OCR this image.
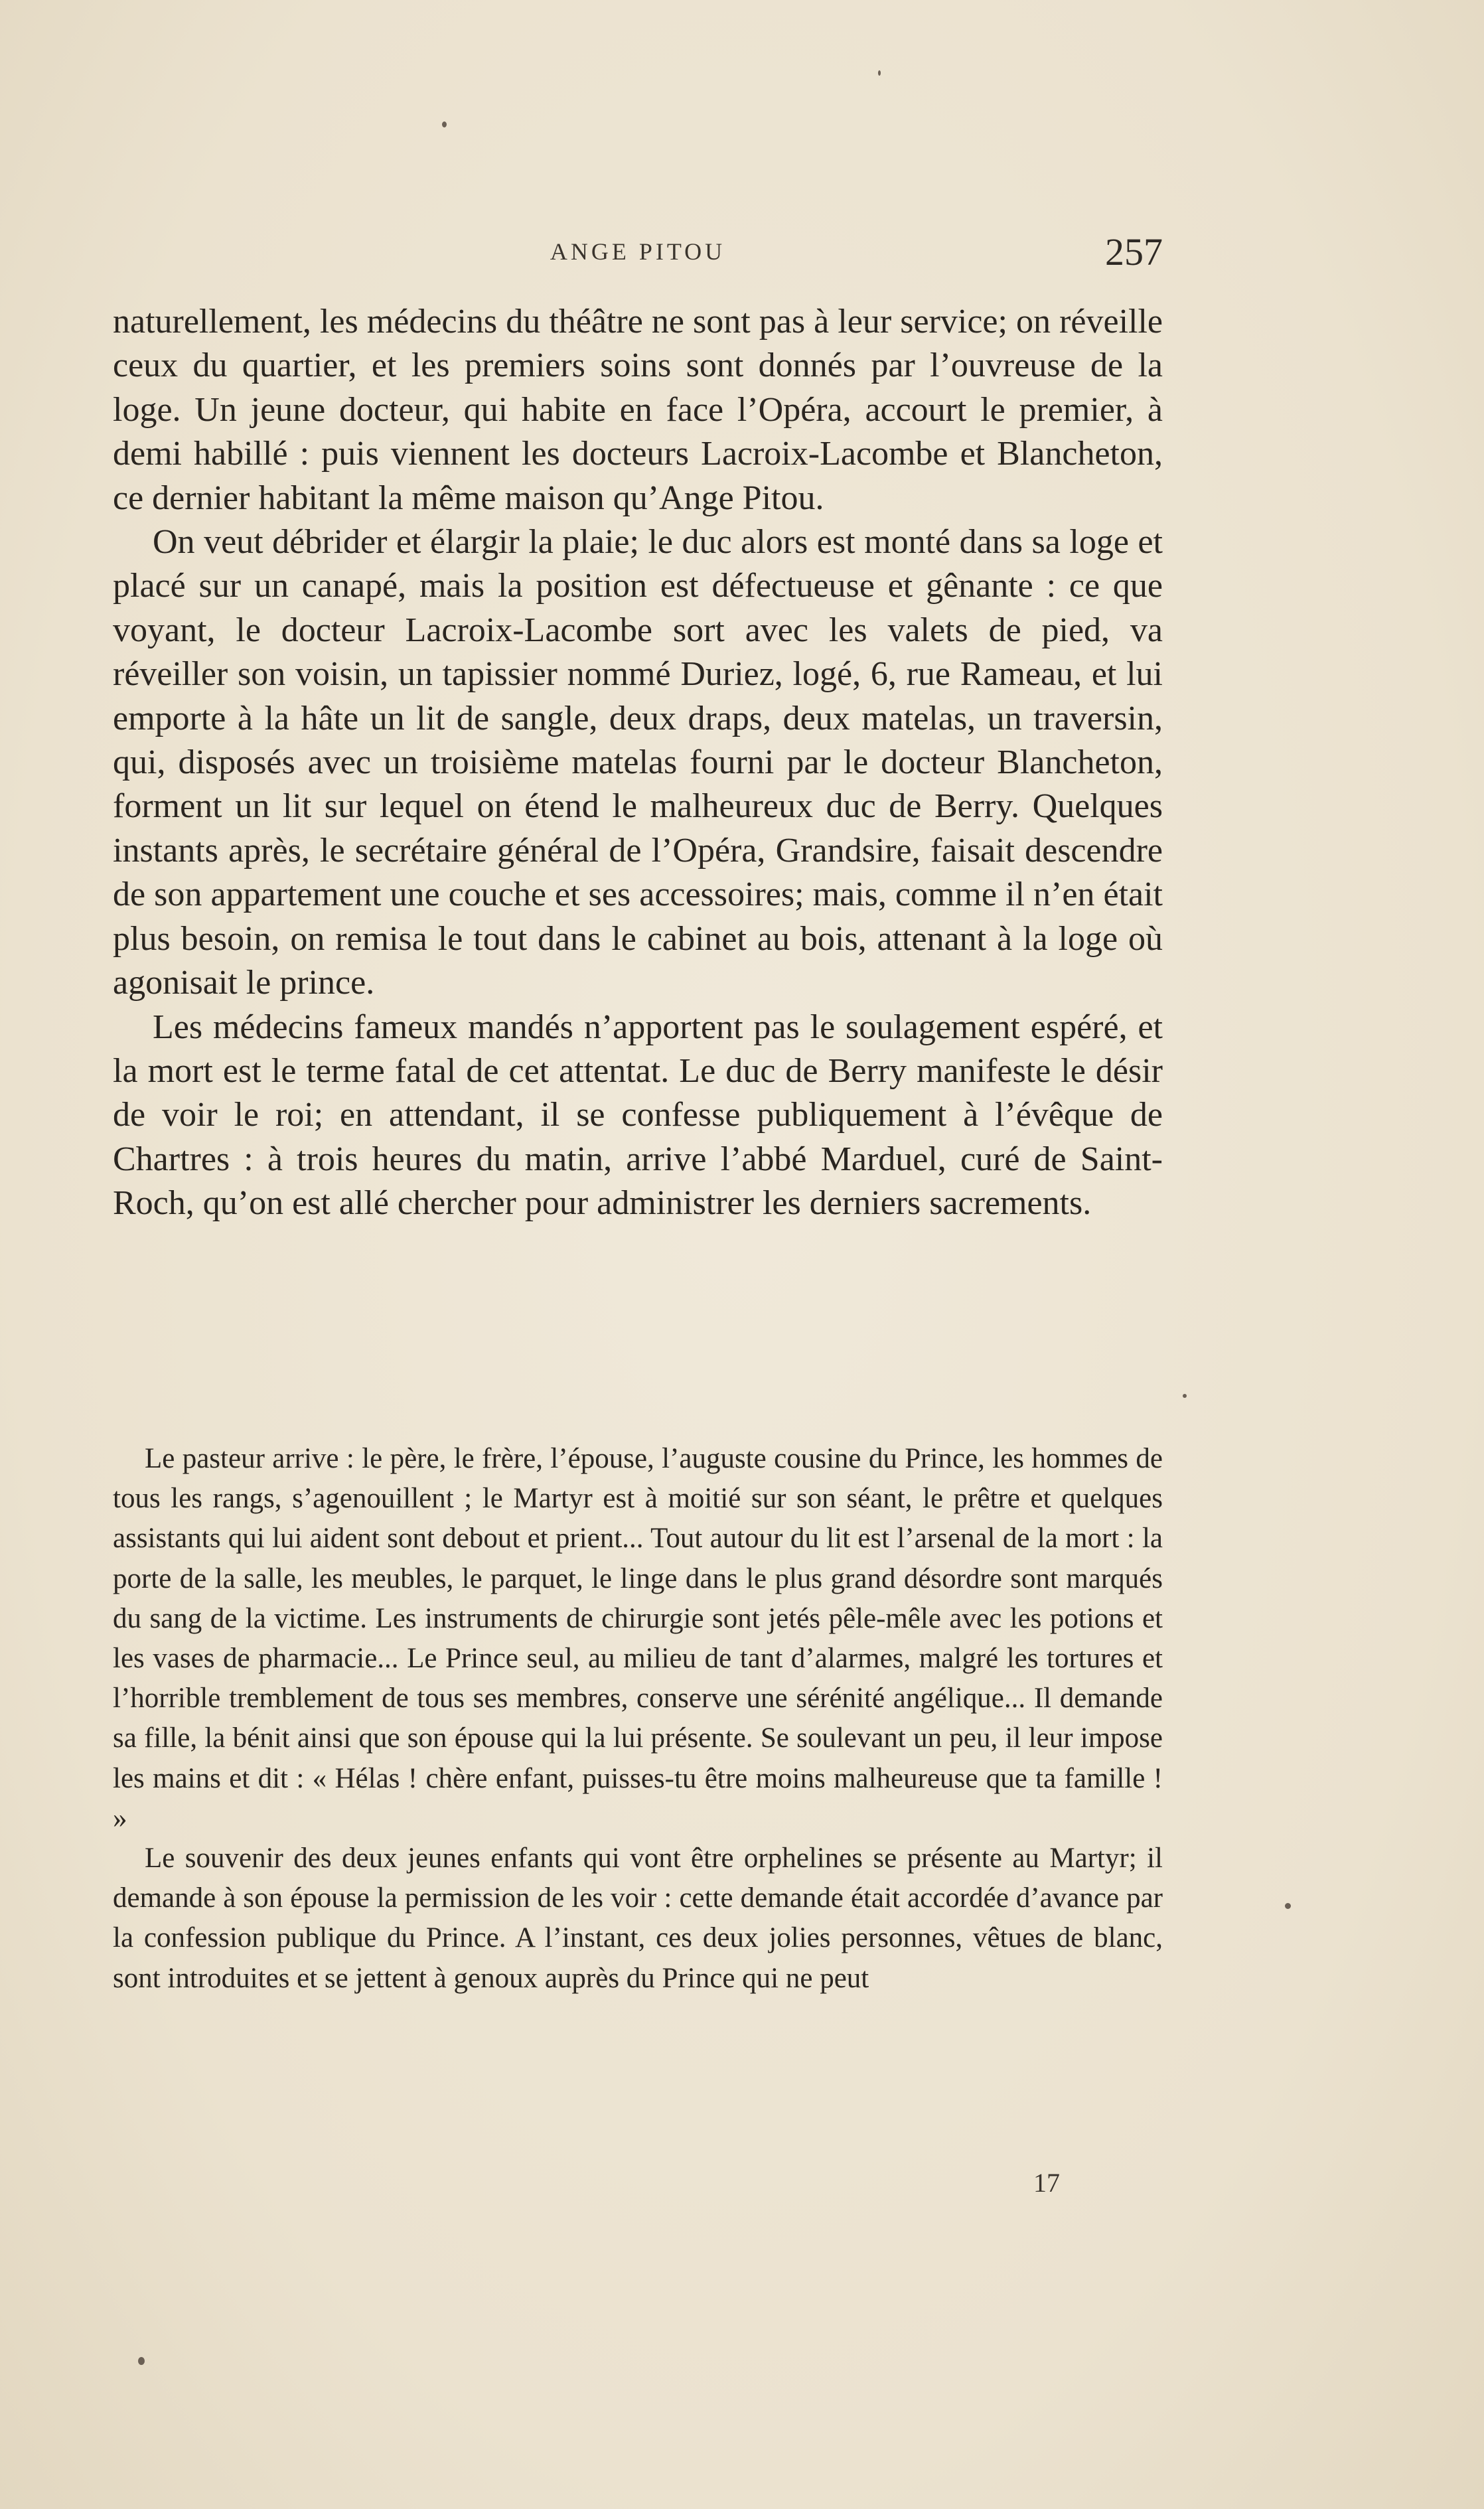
ANGE PITOU	257

naturellement, les médecins du théâtre ne sont pas à leur service; on réveille ceux du quartier, et les premiers soins sont donnés par l’ouvreuse de la loge. Un jeune docteur, qui habite en face l’Opéra, accourt le premier, à demi habillé : puis viennent les docteurs Lacroix-Lacombe et Blancheton, ce dernier habitant la même maison qu’Ange Pitou.

On veut débrider et élargir la plaie; le duc alors est monté dans sa loge et placé sur un canapé, mais la position est défectueuse et gênante : ce que voyant, le docteur Lacroix-Lacombe sort avec les valets de pied, va réveiller son voisin, un tapissier nommé Duriez, logé, 6, rue Rameau, et lui emporte à la hâte un lit de sangle, deux draps, deux matelas, un traversin, qui, disposés avec un troisième matelas fourni par le docteur Blancheton, forment un lit sur lequel on étend le malheureux duc de Berry. Quelques instants après, le secrétaire général de l’Opéra, Grandsire, faisait descendre de son appartement une couche et ses accessoires; mais, comme il n’en était plus besoin, on remisa le tout dans le cabinet au bois, attenant à la loge où agonisait le prince.

Les médecins fameux mandés n’apportent pas le soulagement espéré, et la mort est le terme fatal de cet attentat. Le duc de Berry manifeste le désir de voir le roi; en attendant, il se confesse publiquement à l’évêque de Chartres : à trois heures du matin, arrive l’abbé Marduel, curé de Saint-Roch, qu’on est allé chercher pour administrer les derniers sacrements.

Le pasteur arrive : le père, le frère, l’épouse, l’auguste cousine du Prince, les hommes de tous les rangs, s’agenouillent ; le Martyr est à moitié sur son séant, le prêtre et quelques assistants qui lui aident sont debout et prient... Tout autour du lit est l’arsenal de la mort : la porte de la salle, les meubles, le parquet, le linge dans le plus grand désordre sont marqués du sang de la victime. Les instruments de chirurgie sont jetés pêle-mêle avec les potions et les vases de pharmacie... Le Prince seul, au milieu de tant d’alarmes, malgré les tortures et l’horrible tremblement de tous ses membres, conserve une sérénité angélique... Il demande sa fille, la bénit ainsi que son épouse qui la lui présente. Se soulevant un peu, il leur impose les mains et dit : « Hélas ! chère enfant, puisses-tu être moins malheureuse que ta famille ! »

Le souvenir des deux jeunes enfants qui vont être orphelines se présente au Martyr; il demande à son épouse la permission de les voir : cette demande était accordée d’avance par la confession publique du Prince. A l’instant, ces deux jolies personnes, vêtues de blanc, sont introduites et se jettent à genoux auprès du Prince qui ne peut

17
